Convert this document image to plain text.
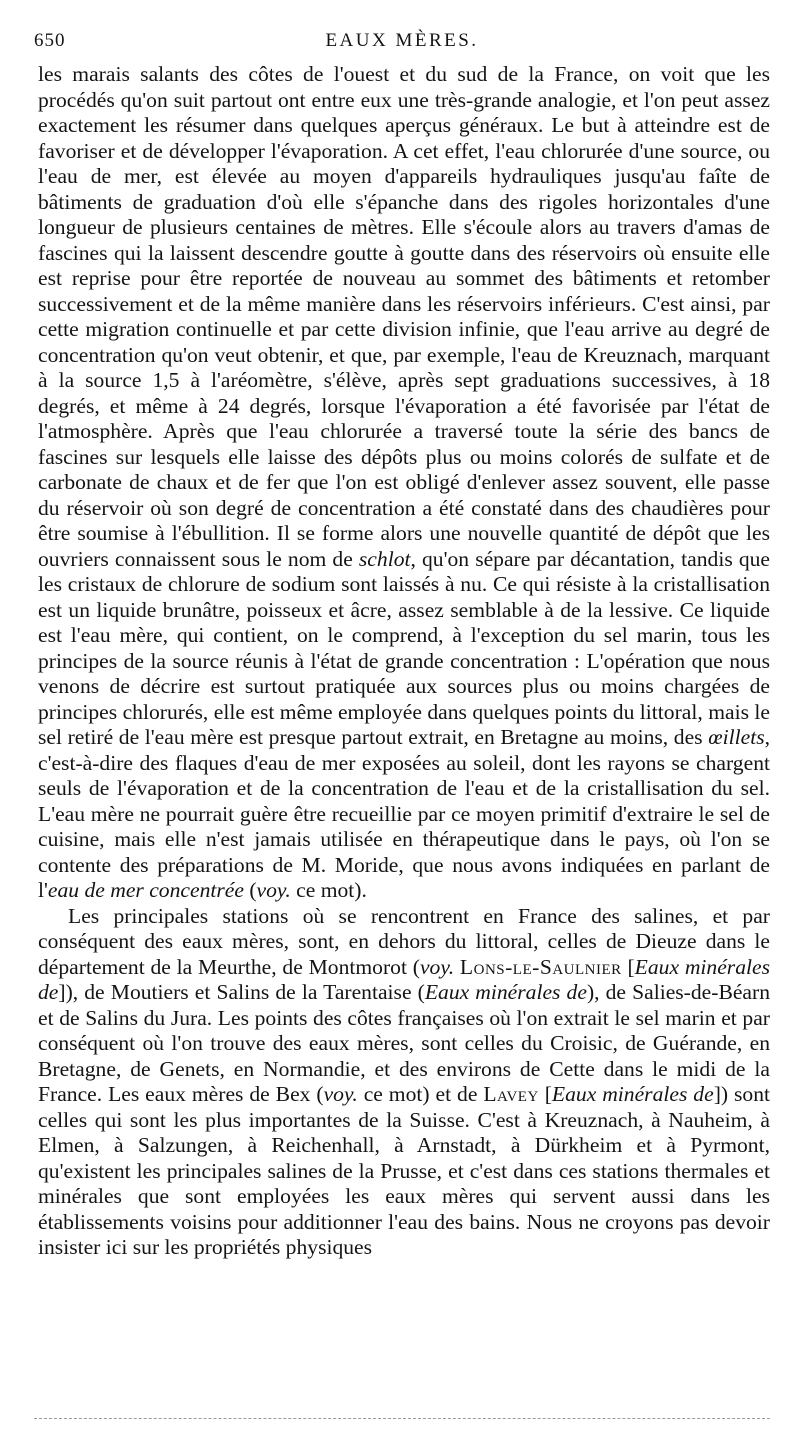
650	EAUX MÈRES.

les marais salants des côtes de l'ouest et du sud de la France, on voit que les procédés qu'on suit partout ont entre eux une très-grande analogie, et l'on peut assez exactement les résumer dans quelques aperçus généraux. Le but à atteindre est de favoriser et de développer l'évaporation. A cet effet, l'eau chlorurée d'une source, ou l'eau de mer, est élevée au moyen d'appareils hydrauliques jusqu'au faîte de bâtiments de graduation d'où elle s'épanche dans des rigoles horizontales d'une longueur de plusieurs centaines de mètres. Elle s'écoule alors au travers d'amas de fascines qui la laissent descendre goutte à goutte dans des réservoirs où ensuite elle est reprise pour être reportée de nouveau au sommet des bâtiments et retomber successivement et de la même manière dans les réservoirs inférieurs. C'est ainsi, par cette migration continuelle et par cette division infinie, que l'eau arrive au degré de concentration qu'on veut obtenir, et que, par exemple, l'eau de Kreuznach, marquant à la source 1,5 à l'aréomètre, s'élève, après sept graduations successives, à 18 degrés, et même à 24 degrés, lorsque l'évaporation a été favorisée par l'état de l'atmosphère. Après que l'eau chlorurée a traversé toute la série des bancs de fascines sur lesquels elle laisse des dépôts plus ou moins colorés de sulfate et de carbonate de chaux et de fer que l'on est obligé d'enlever assez souvent, elle passe du réservoir où son degré de concentration a été constaté dans des chaudières pour être soumise à l'ébullition. Il se forme alors une nouvelle quantité de dépôt que les ouvriers connaissent sous le nom de schlot, qu'on sépare par décantation, tandis que les cristaux de chlorure de sodium sont laissés à nu. Ce qui résiste à la cristallisation est un liquide brunâtre, poisseux et âcre, assez semblable à de la lessive. Ce liquide est l'eau mère, qui contient, on le comprend, à l'exception du sel marin, tous les principes de la source réunis à l'état de grande concentration : L'opération que nous venons de décrire est surtout pratiquée aux sources plus ou moins chargées de principes chlorurés, elle est même employée dans quelques points du littoral, mais le sel retiré de l'eau mère est presque partout extrait, en Bretagne au moins, des œillets, c'est-à-dire des flaques d'eau de mer exposées au soleil, dont les rayons se chargent seuls de l'évaporation et de la concentration de l'eau et de la cristallisation du sel. L'eau mère ne pourrait guère être recueillie par ce moyen primitif d'extraire le sel de cuisine, mais elle n'est jamais utilisée en thérapeutique dans le pays, où l'on se contente des préparations de M. Moride, que nous avons indiquées en parlant de l'eau de mer concentrée (voy. ce mot).

Les principales stations où se rencontrent en France des salines, et par conséquent des eaux mères, sont, en dehors du littoral, celles de Dieuze dans le département de la Meurthe, de Montmorot (voy. Lons-le-Saulnier [Eaux minérales de]), de Moutiers et Salins de la Tarentaise (Eaux minérales de), de Salies-de-Béarn et de Salins du Jura. Les points des côtes françaises où l'on extrait le sel marin et par conséquent où l'on trouve des eaux mères, sont celles du Croisic, de Guérande, en Bretagne, de Genets, en Normandie, et des environs de Cette dans le midi de la France. Les eaux mères de Bex (voy. ce mot) et de Lavey [Eaux minérales de]) sont celles qui sont les plus importantes de la Suisse. C'est à Kreuznach, à Nauheim, à Elmen, à Salzungen, à Reichenhall, à Arnstadt, à Dürkheim et à Pyrmont, qu'existent les principales salines de la Prusse, et c'est dans ces stations thermales et minérales que sont employées les eaux mères qui servent aussi dans les établissements voisins pour additionner l'eau des bains. Nous ne croyons pas devoir insister ici sur les propriétés physiques
